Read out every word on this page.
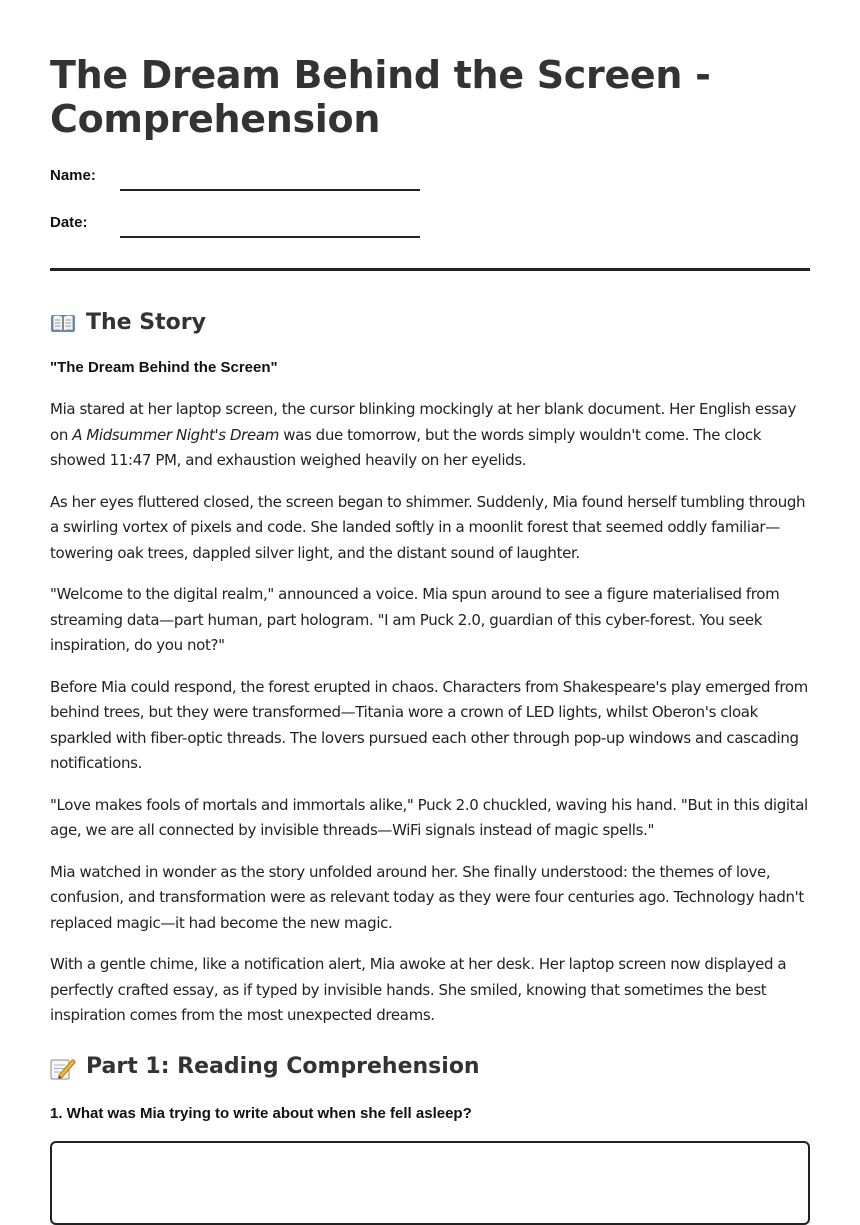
The Dream Behind the Screen - Comprehension
Name:
Date:
The Story
"The Dream Behind the Screen"

Mia stared at her laptop screen, the cursor blinking mockingly at her blank document. Her English essay on A Midsummer Night's Dream was due tomorrow, but the words simply wouldn't come. The clock showed 11:47 PM, and exhaustion weighed heavily on her eyelids.

As her eyes fluttered closed, the screen began to shimmer. Suddenly, Mia found herself tumbling through a swirling vortex of pixels and code. She landed softly in a moonlit forest that seemed oddly familiar—towering oak trees, dappled silver light, and the distant sound of laughter.

"Welcome to the digital realm," announced a voice. Mia spun around to see a figure materialised from streaming data—part human, part hologram. "I am Puck 2.0, guardian of this cyber-forest. You seek inspiration, do you not?"

Before Mia could respond, the forest erupted in chaos. Characters from Shakespeare's play emerged from behind trees, but they were transformed—Titania wore a crown of LED lights, whilst Oberon's cloak sparkled with fiber-optic threads. The lovers pursued each other through pop-up windows and cascading notifications.

"Love makes fools of mortals and immortals alike," Puck 2.0 chuckled, waving his hand. "But in this digital age, we are all connected by invisible threads—WiFi signals instead of magic spells."

Mia watched in wonder as the story unfolded around her. She finally understood: the themes of love, confusion, and transformation were as relevant today as they were four centuries ago. Technology hadn't replaced magic—it had become the new magic.

With a gentle chime, like a notification alert, Mia awoke at her desk. Her laptop screen now displayed a perfectly crafted essay, as if typed by invisible hands. She smiled, knowing that sometimes the best inspiration comes from the most unexpected dreams.

Part 1: Reading Comprehension
1. What was Mia trying to write about when she fell asleep?
